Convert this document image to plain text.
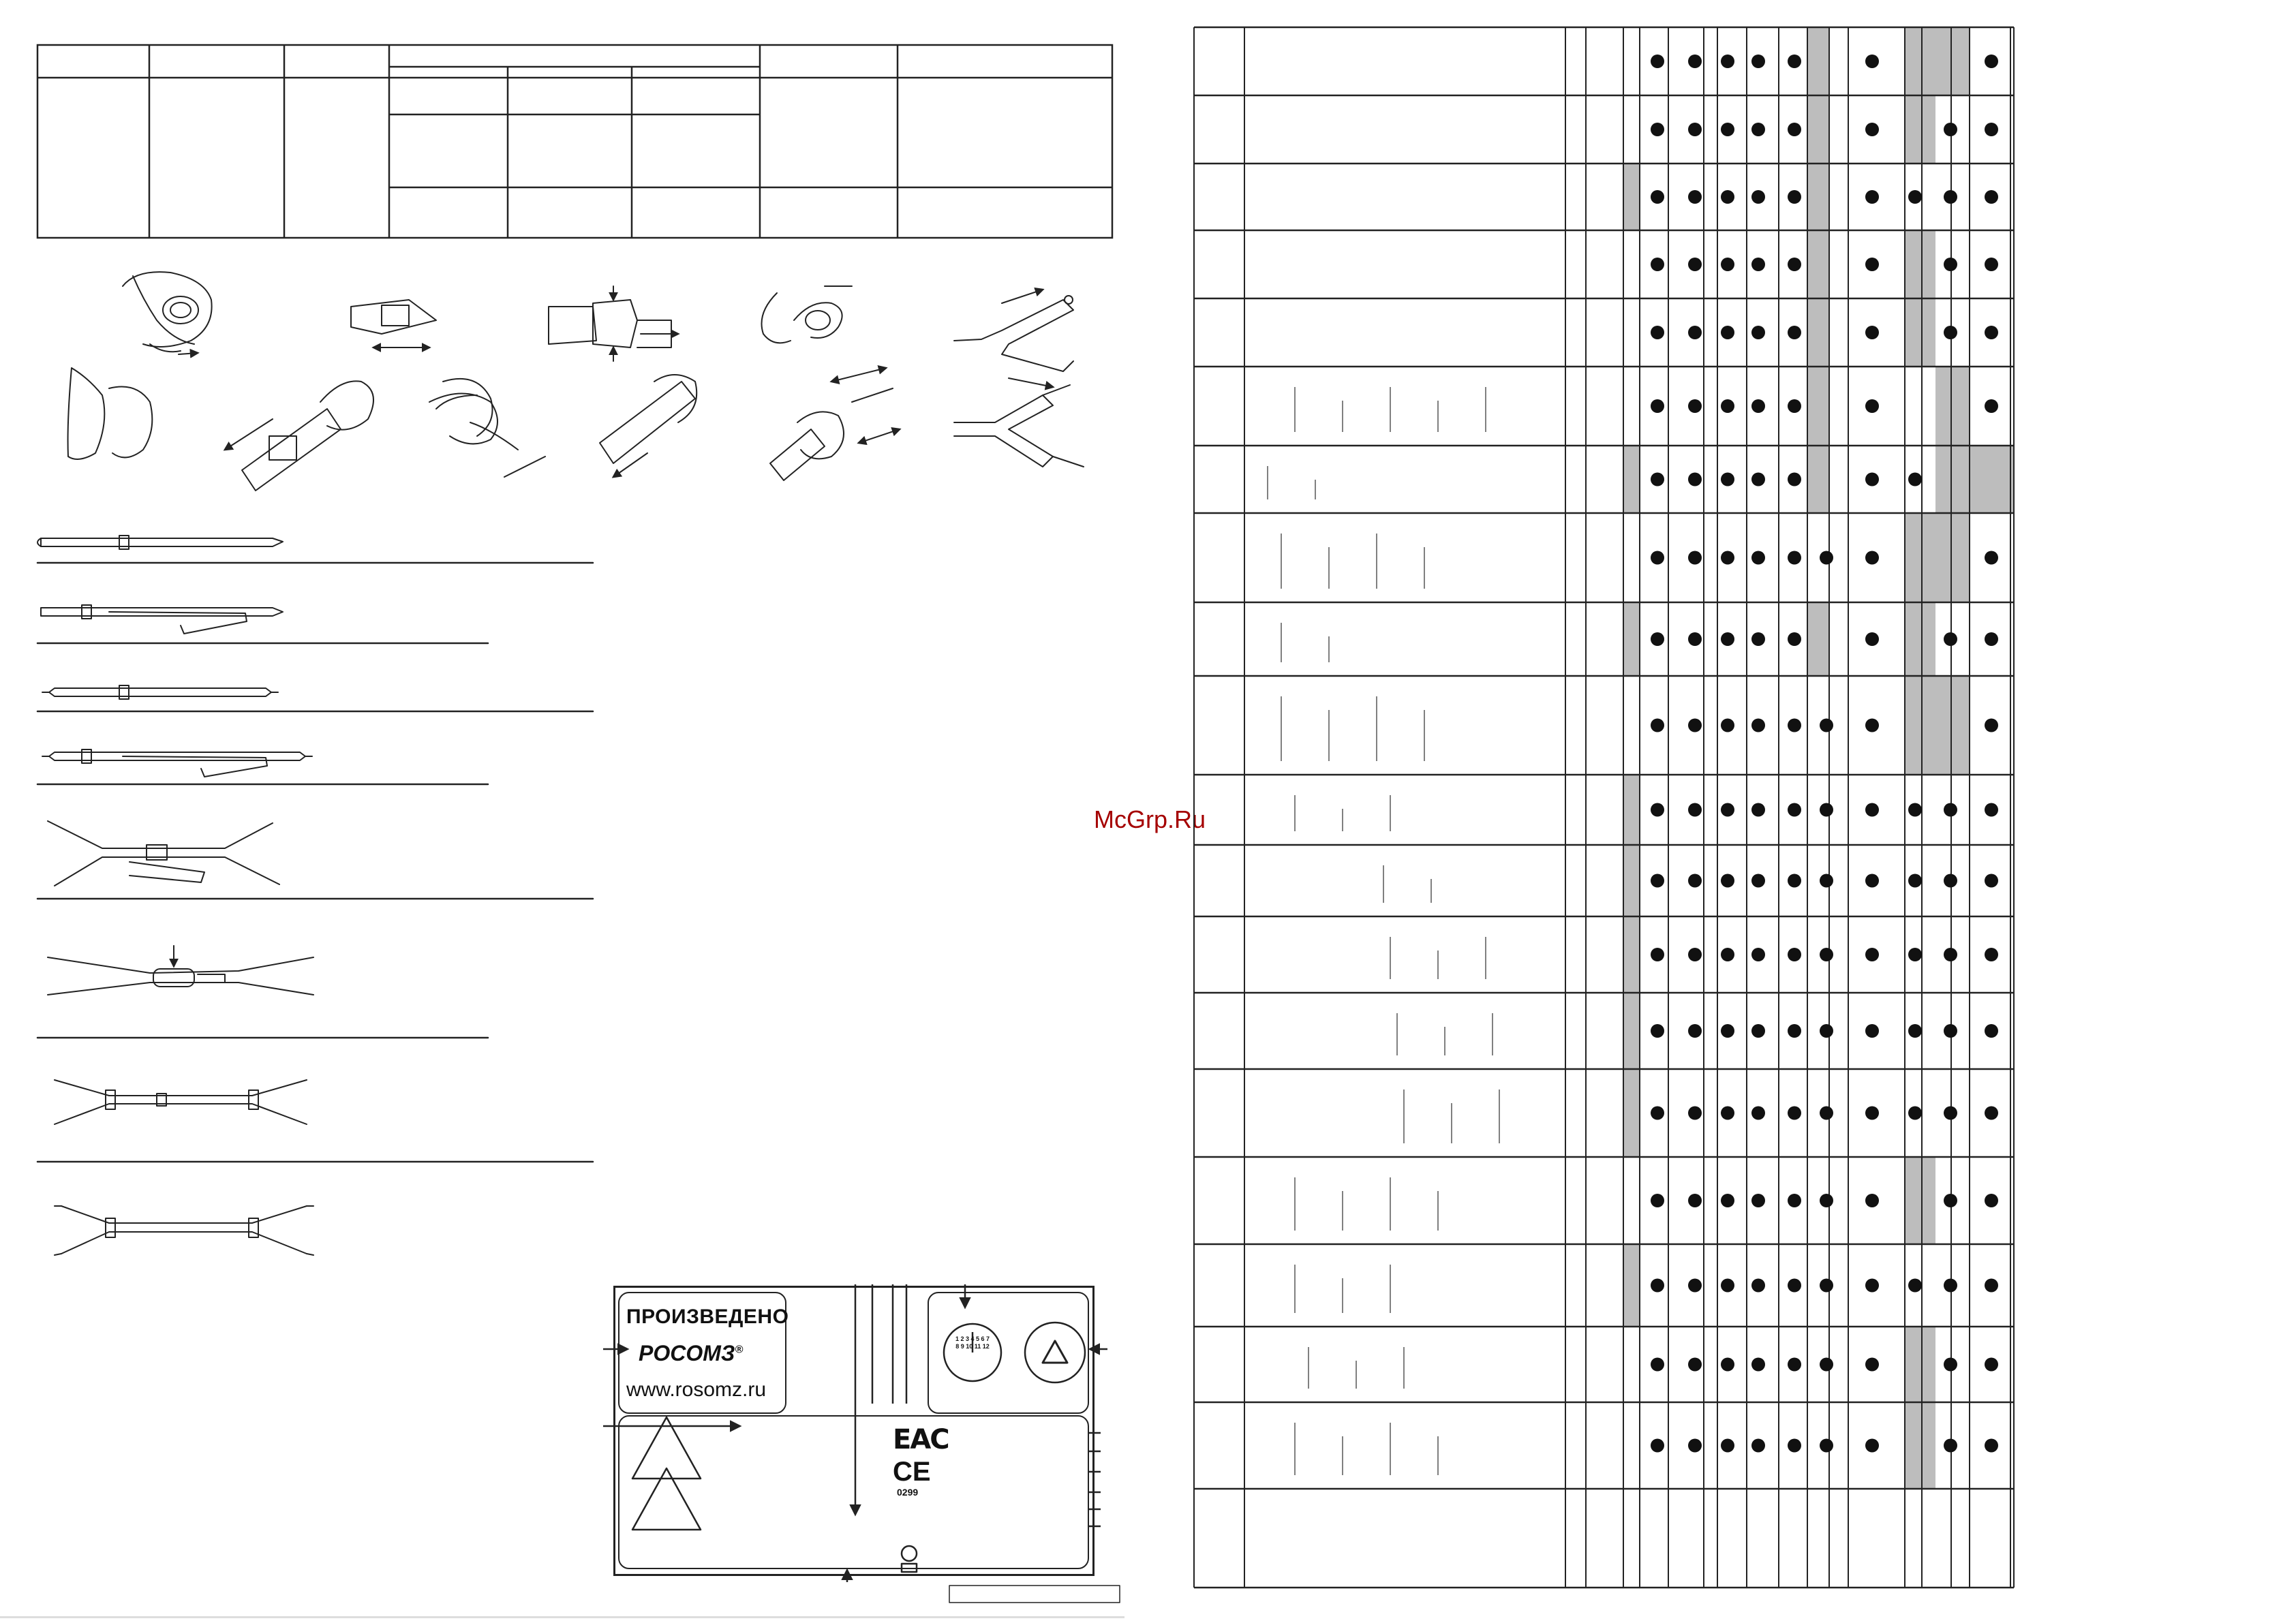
ПРОИЗВЕДЕНО
РОСОМЗ®
www.rosomz.ru
EAC
CE
0299
1 2 3 4 5 6 7 8 9 10 11 12
McGrp.Ru
